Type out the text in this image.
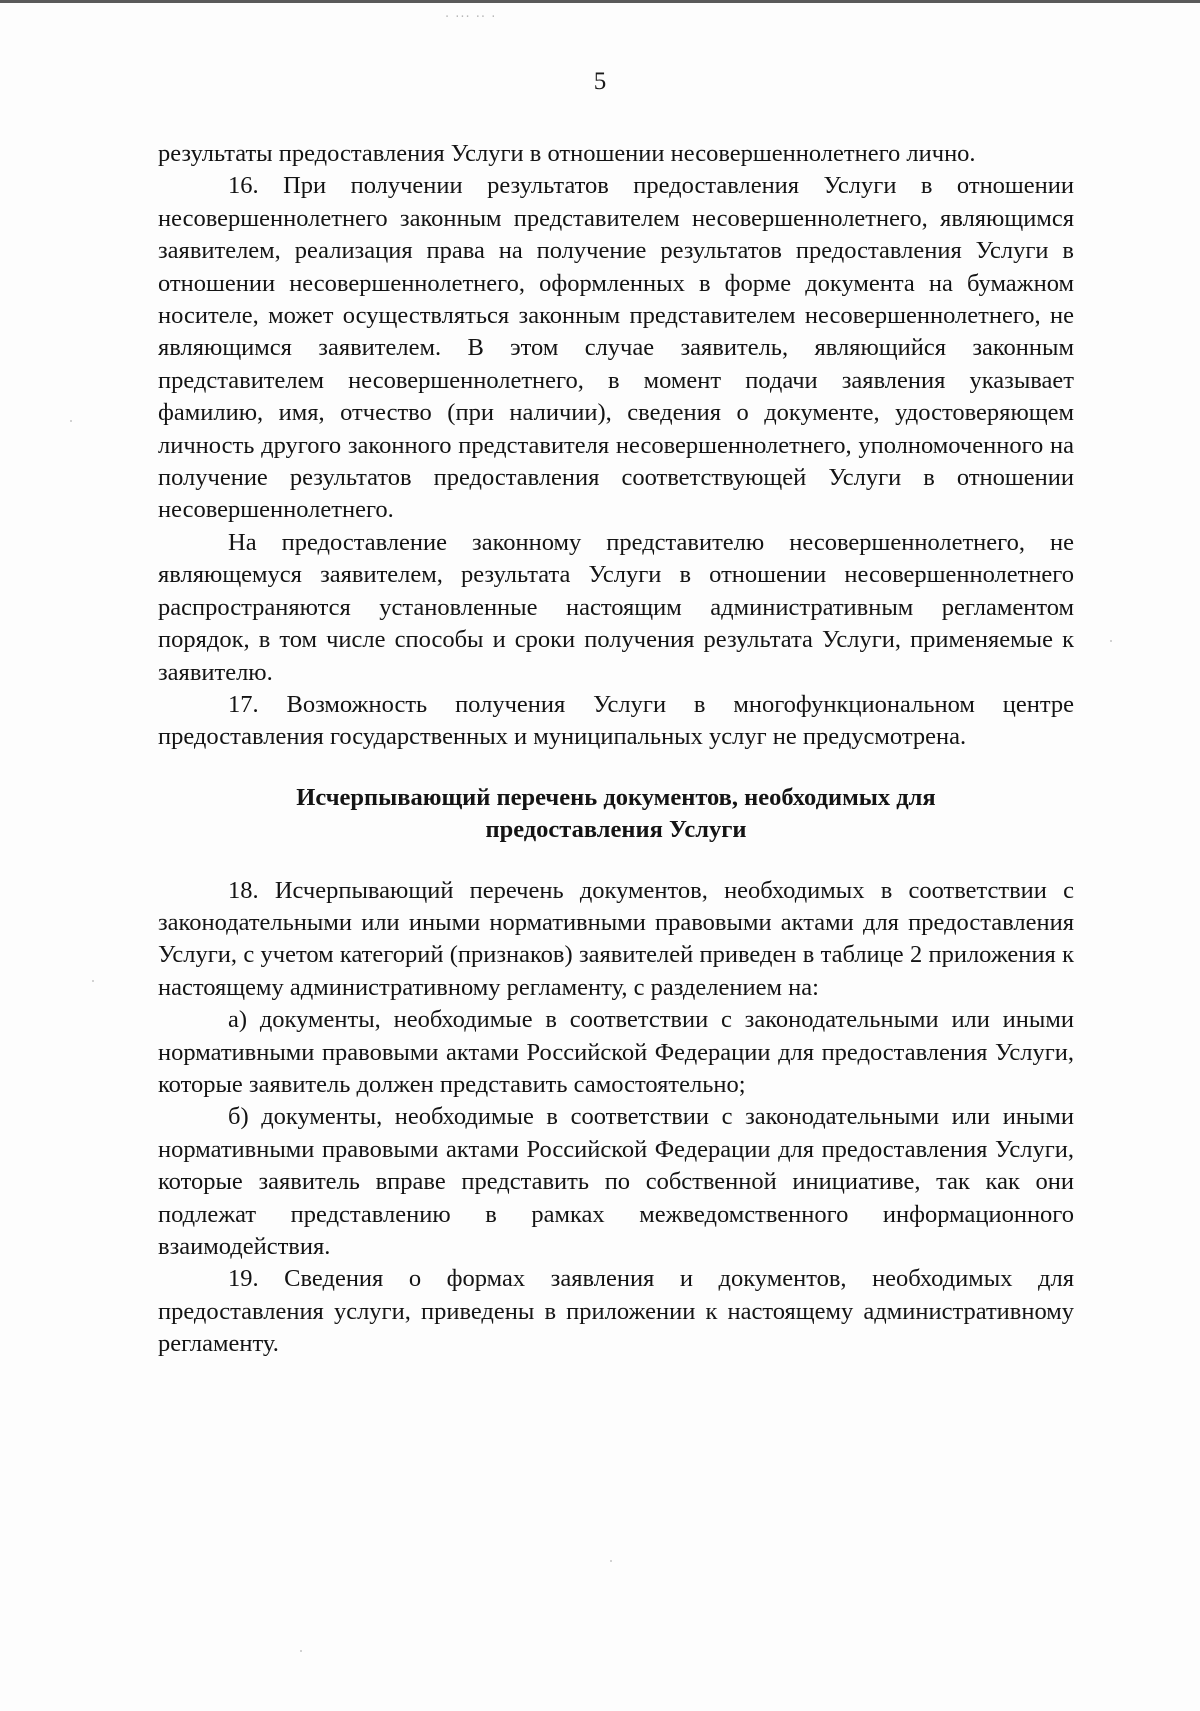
· ··· ·· ·
5

результаты предоставления Услуги в отношении несовершеннолетнего лично.

16. При получении результатов предоставления Услуги в отношении несовершеннолетнего законным представителем несовершеннолетнего, являющимся заявителем, реализация права на получение результатов предоставления Услуги в отношении несовершеннолетнего, оформленных в форме документа на бумажном носителе, может осуществляться законным представителем несовершеннолетнего, не являющимся заявителем. В этом случае заявитель, являющийся законным представителем несовершеннолетнего, в момент подачи заявления указывает фамилию, имя, отчество (при наличии), сведения о документе, удостоверяющем личность другого законного представителя несовершеннолетнего, уполномоченного на получение результатов предоставления соответствующей Услуги в отношении несовершеннолетнего.

На предоставление законному представителю несовершеннолетнего, не являющемуся заявителем, результата Услуги в отношении несовершеннолетнего распространяются установленные настоящим административным регламентом порядок, в том числе способы и сроки получения результата Услуги, применяемые к заявителю.

17. Возможность получения Услуги в многофункциональном центре предоставления государственных и муниципальных услуг не предусмотрена.

Исчерпывающий перечень документов, необходимых для
предоставления Услуги

18. Исчерпывающий перечень документов, необходимых в соответствии с законодательными или иными нормативными правовыми актами для предоставления Услуги, с учетом категорий (признаков) заявителей приведен в таблице 2 приложения к настоящему административному регламенту, с разделением на:

а) документы, необходимые в соответствии с законодательными или иными нормативными правовыми актами Российской Федерации для предоставления Услуги, которые заявитель должен представить самостоятельно;

б) документы, необходимые в соответствии с законодательными или иными нормативными правовыми актами Российской Федерации для предоставления Услуги, которые заявитель вправе представить по собственной инициативе, так как они подлежат представлению в рамках межведомственного информационного взаимодействия.

19. Сведения о формах заявления и документов, необходимых для предоставления услуги, приведены в приложении к настоящему административному регламенту.
